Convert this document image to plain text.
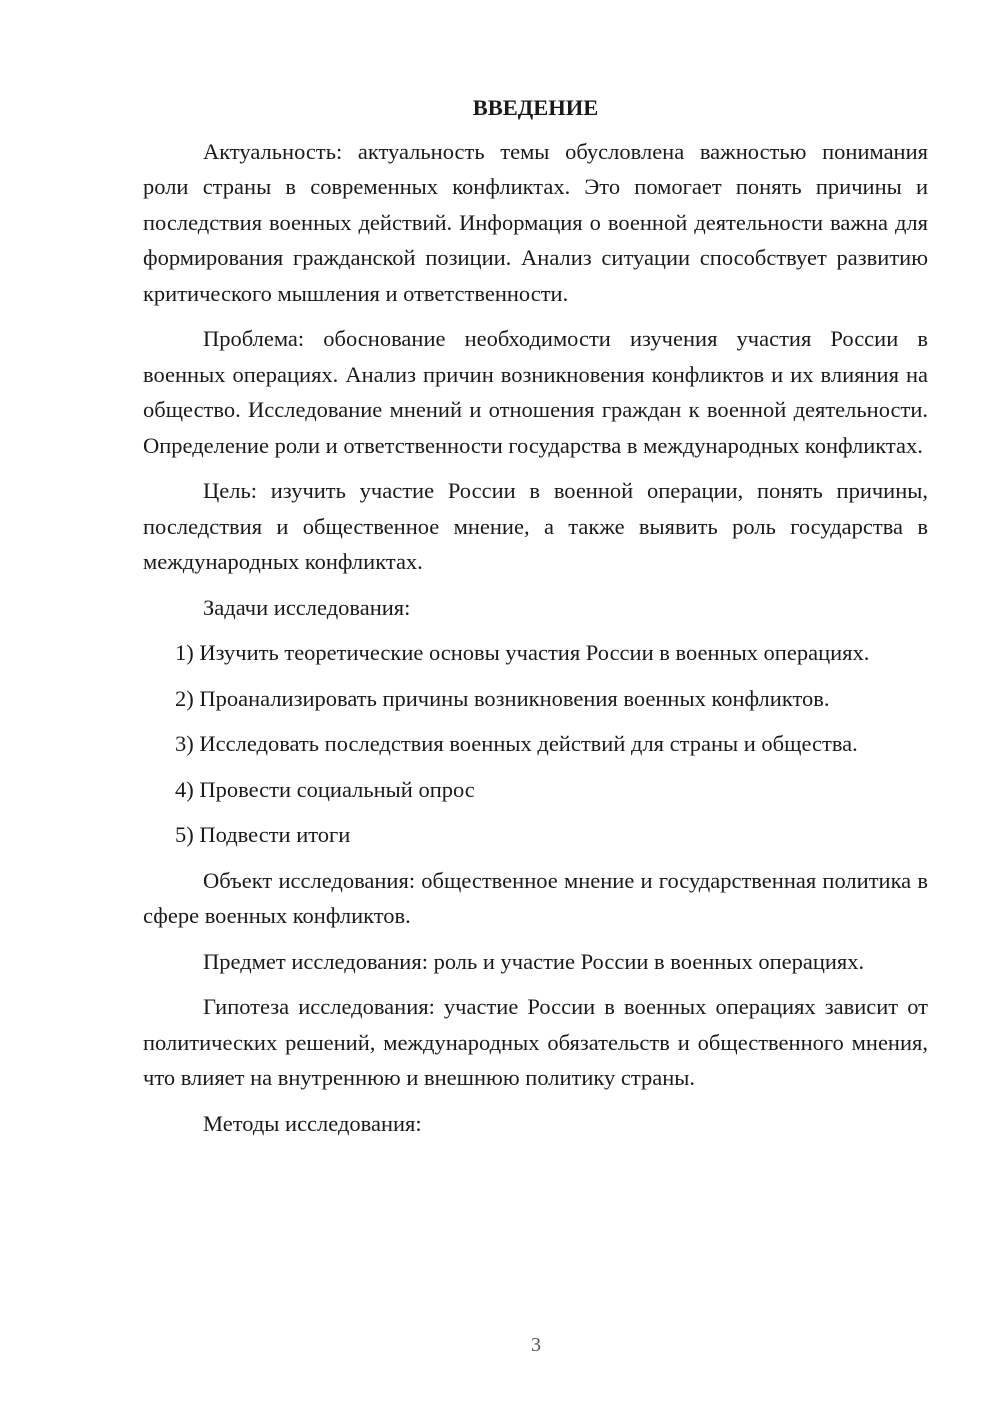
ВВЕДЕНИЕ

Актуальность: актуальность темы обусловлена важностью понимания роли страны в современных конфликтах. Это помогает понять причины и последствия военных действий. Информация о военной деятельности важна для формирования гражданской позиции. Анализ ситуации способствует развитию критического мышления и ответственности.

Проблема: обоснование необходимости изучения участия России в военных операциях. Анализ причин возникновения конфликтов и их влияния на общество. Исследование мнений и отношения граждан к военной деятельности. Определение роли и ответственности государства в международных конфликтах.

Цель: изучить участие России в военной операции, понять причины, последствия и общественное мнение, а также выявить роль государства в международных конфликтах.

Задачи исследования:

1) Изучить теоретические основы участия России в военных операциях.

2) Проанализировать причины возникновения военных конфликтов.

3) Исследовать последствия военных действий для страны и общества.

4) Провести социальный опрос

5) Подвести итоги

Объект исследования: общественное мнение и государственная политика в сфере военных конфликтов.

Предмет исследования: роль и участие России в военных операциях.

Гипотеза исследования: участие России в военных операциях зависит от политических решений, международных обязательств и общественного мнения, что влияет на внутреннюю и внешнюю политику страны.

Методы исследования:

3
